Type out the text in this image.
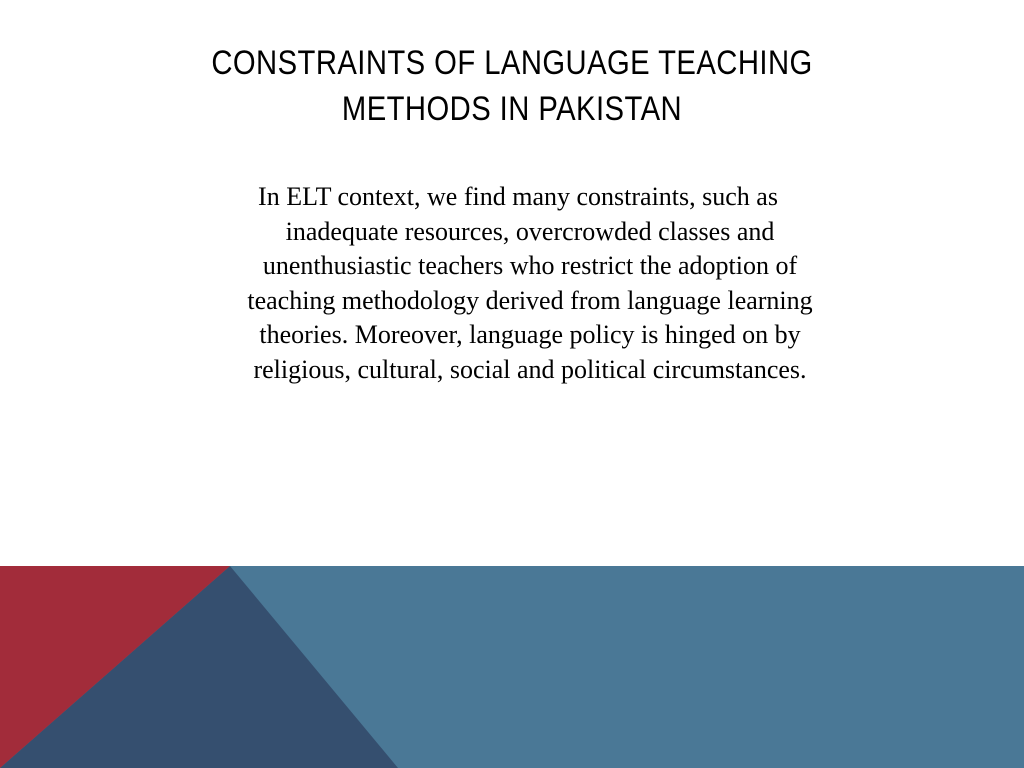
CONSTRAINTS OF LANGUAGE TEACHING
METHODS IN PAKISTAN
In ELT context, we find many constraints, such as
inadequate resources, overcrowded classes and
unenthusiastic teachers who restrict the adoption of
teaching methodology derived from language learning
theories. Moreover, language policy is hinged on by
religious, cultural, social and political circumstances.
